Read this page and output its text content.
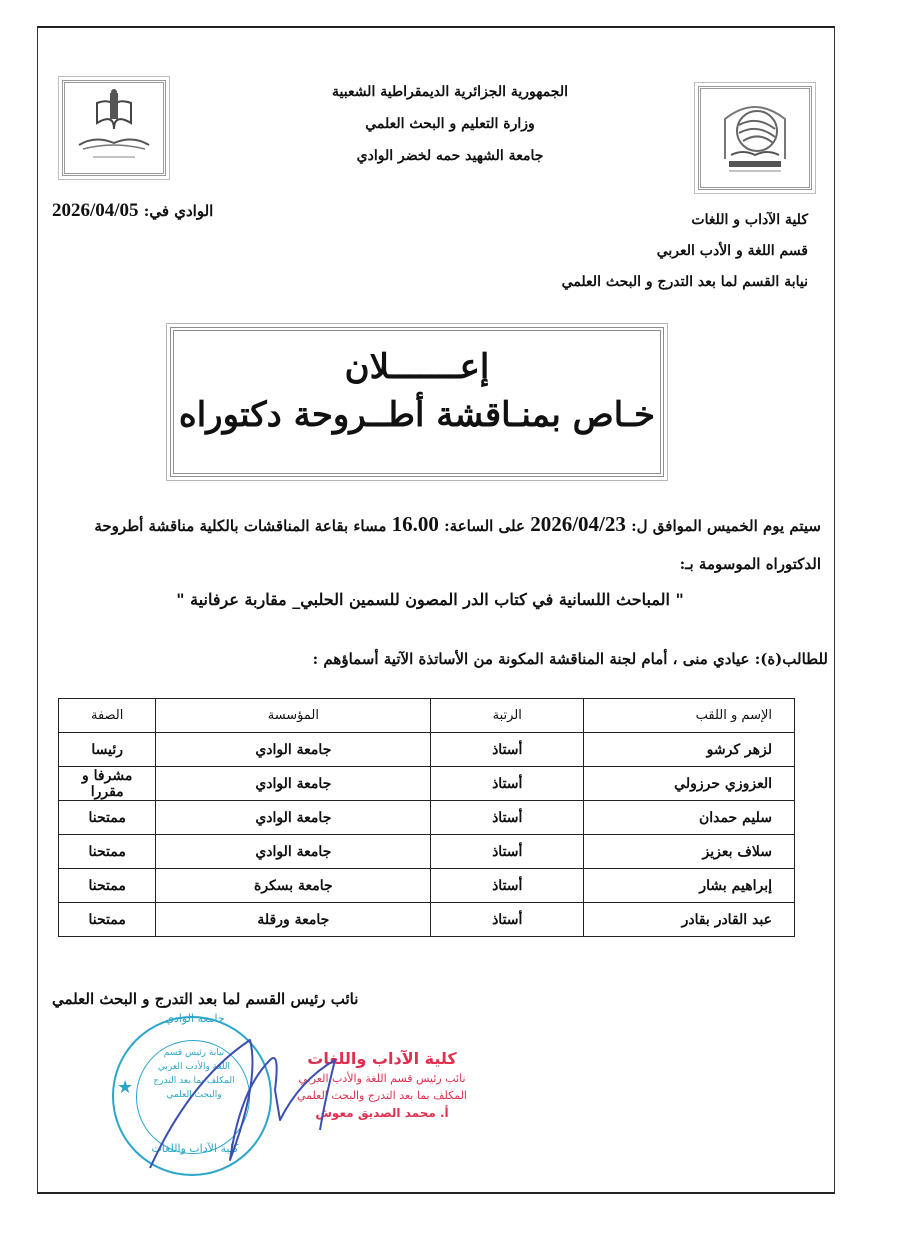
الجمهورية الجزائرية الديمقراطية الشعبية
وزارة التعليم و البحث العلمي
جامعة الشهيد حمه لخضر الوادي
الوادي في: 2026/04/05	كلية الآداب و اللغات
قسم اللغة و الأدب العربي
نيابة القسم لما بعد التدرج و البحث العلمي
إعـــــــلان
خـاص بمنـاقشة أطــروحة دكتوراه
سيتم يوم الخميس الموافق ل: 2026/04/23 على الساعة: 16.00 مساء بقاعة المناقشات بالكلية مناقشة أطروحة الدكتوراه الموسومة بـ:
" المباحث اللسانية في كتاب الدر المصون للسمين الحلبي_ مقاربة عرفانية "
للطالب(ة): عيادي منى ، أمام لجنة المناقشة المكونة من الأساتذة الآتية أسماؤهم :
الإسم و اللقب	الرتبة	المؤسسة	الصفة
لزهر كرشو	أستاذ	جامعة الوادي	رئيسا
العزوزي حرزولي	أستاذ	جامعة الوادي	مشرفا و مقررا
سليم حمدان	أستاذ	جامعة الوادي	ممتحنا
سلاف بعزيز	أستاذ	جامعة الوادي	ممتحنا
إبراهيم بشار	أستاذ	جامعة بسكرة	ممتحنا
عبد القادر بقادر	أستاذ	جامعة ورقلة	ممتحنا
نائب رئيس القسم لما بعد التدرج و البحث العلمي
جامعة الوادي
كلية الآداب واللغات
★
نيابة رئيس قسم
اللغة والأدب العربي
المكلف بما بعد التدرج
والبحث العلمي
كلية الآداب واللغات
نائب رئيس قسم اللغة والأدب العربي
المكلف بما بعد التدرج والبحث العلمي
أ. محمد الصديق معوش
